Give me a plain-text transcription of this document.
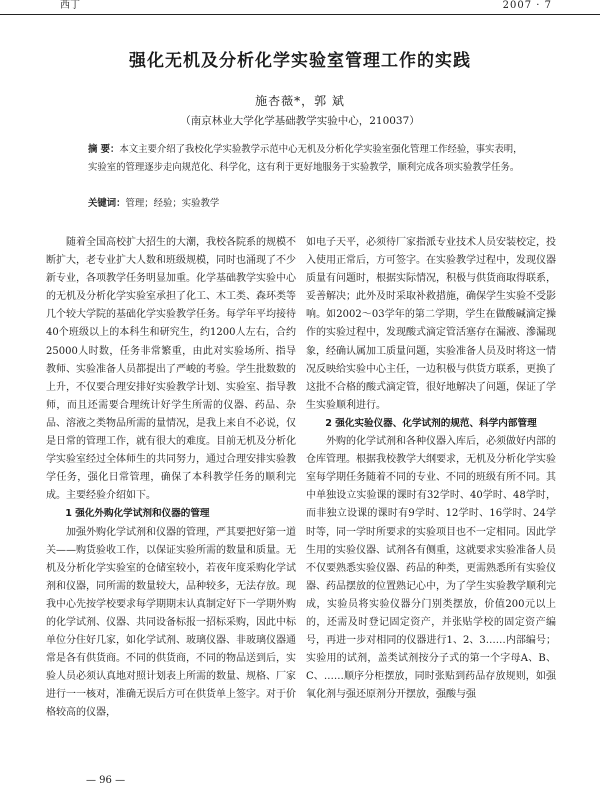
西丁	2007 · 7
强化无机及分析化学实验室管理工作的实践
施杏薇*，郭 斌
（南京林业大学化学基础教学实验中心，210037）
摘 要：本文主要介绍了我校化学实验教学示范中心无机及分析化学实验室强化管理工作经验，事实表明，实验室的管理逐步走向规范化、科学化，这有利于更好地服务于实验教学，顺利完成各项实验教学任务。
关键词：管理；经验；实验教学

随着全国高校扩大招生的大潮，我校各院系的规模不断扩大，老专业扩大人数和班级规模，同时也涌现了不少新专业，各项教学任务明显加重。化学基础教学实验中心的无机及分析化学实验室承担了化工、木工类、森环类等几个较大学院的基础化学实验教学任务。每学年平均接待40个班级以上的本科生和研究生，约1200人左右，合约25000人时数，任务非常繁重，由此对实验场所、指导教师、实验准备人员都提出了严峻的考验。学生批数数的上升，不仅要合理安排好实验教学计划、实验室、指导教师，而且还需要合理统计好学生所需的仪器、药品、杂品、溶液之类物品所需的量情况，是我上来自不必说，仅是日常的管理工作，就有很大的难度。目前无机及分析化学实验室经过全体师生的共同努力，通过合理安排实验教学任务，强化日常管理，确保了本科教学任务的顺利完成。主要经验介绍如下。

1 强化外购化学试剂和仪器的管理

加强外购化学试剂和仪器的管理，严其要把好第一道关——购货验收工作，以保证实验所需的数量和质量。无机及分析化学实验室的仓储室较小，若夜年度采购化学试剂和仪器，同所需的数量较大，品种较多，无法存放。现我中心先按学校要求每学期期末认真制定好下一学期外购的化学试剂、仪器、共同设备标报一招标采购，因此中标单位分住好几家，如化学试剂、玻璃仪器、非玻璃仪器通常是各有供货商。不同的供货商，不同的物品送到后，实验人员必须认真地对照计划表上所需的数量、规格、厂家进行一一核对，准确无误后方可在供货单上签字。对于价格较高的仪器，

如电子天平，必须待厂家指派专业技术人员安装校定，投入使用正常后，方可签字。在实验教学过程中，发现仪器质量有问题时，根据实际情况，积极与供货商取得联系，妥善解决；此外及时采取补救措施，确保学生实验不受影响。如2002～03学年的第二学期，学生在做酸碱滴定操作的实验过程中，发现酸式滴定管活塞存在漏液、滲漏现象，经确认属加工质量问题，实验准备人员及时将这一情况反映给实验中心主任，一边积极与供货方联系，更换了这批不合格的酸式滴定管，很好地解决了问题，保证了学生实验顺利进行。

2 强化实验仪器、化学试剂的规范、科学内部管理

外购的化学试剂和各种仪器入库后，必须做好内部的仓库管理。根据我校教学大纲要求，无机及分析化学实验室每学期任务随着不同的专业、不同的班级有所不同。其中单独设立实验课的课时有32学时、40学时、48学时，而非独立设课的课时有9学时、12学时、16学时、24学时等，同一学时所要求的实验项目也不一定相同。因此学生用的实验仪器、试剂各有侧重，这就要求实验准备人员不仅要熟悉实验仪器、药品的种类，更需熟悉所有实验仪器、药品摆放的位置熟记心中，为了学生实验教学顺利完成，实验员将实验仪器分门别类摆放，价值200元以上的，还需及时登记固定资产，并张贴学校的固定资产编号，再进一步对相同的仪器进行1、2、3……内部编号；实验用的试剂，盖类试剂按分子式的第一个字母A、B、C、……顺序分柜摆放，同时张贴到药品存放规则，如强氧化剂与强还原剂分开摆放，强酸与强

— 96 —
